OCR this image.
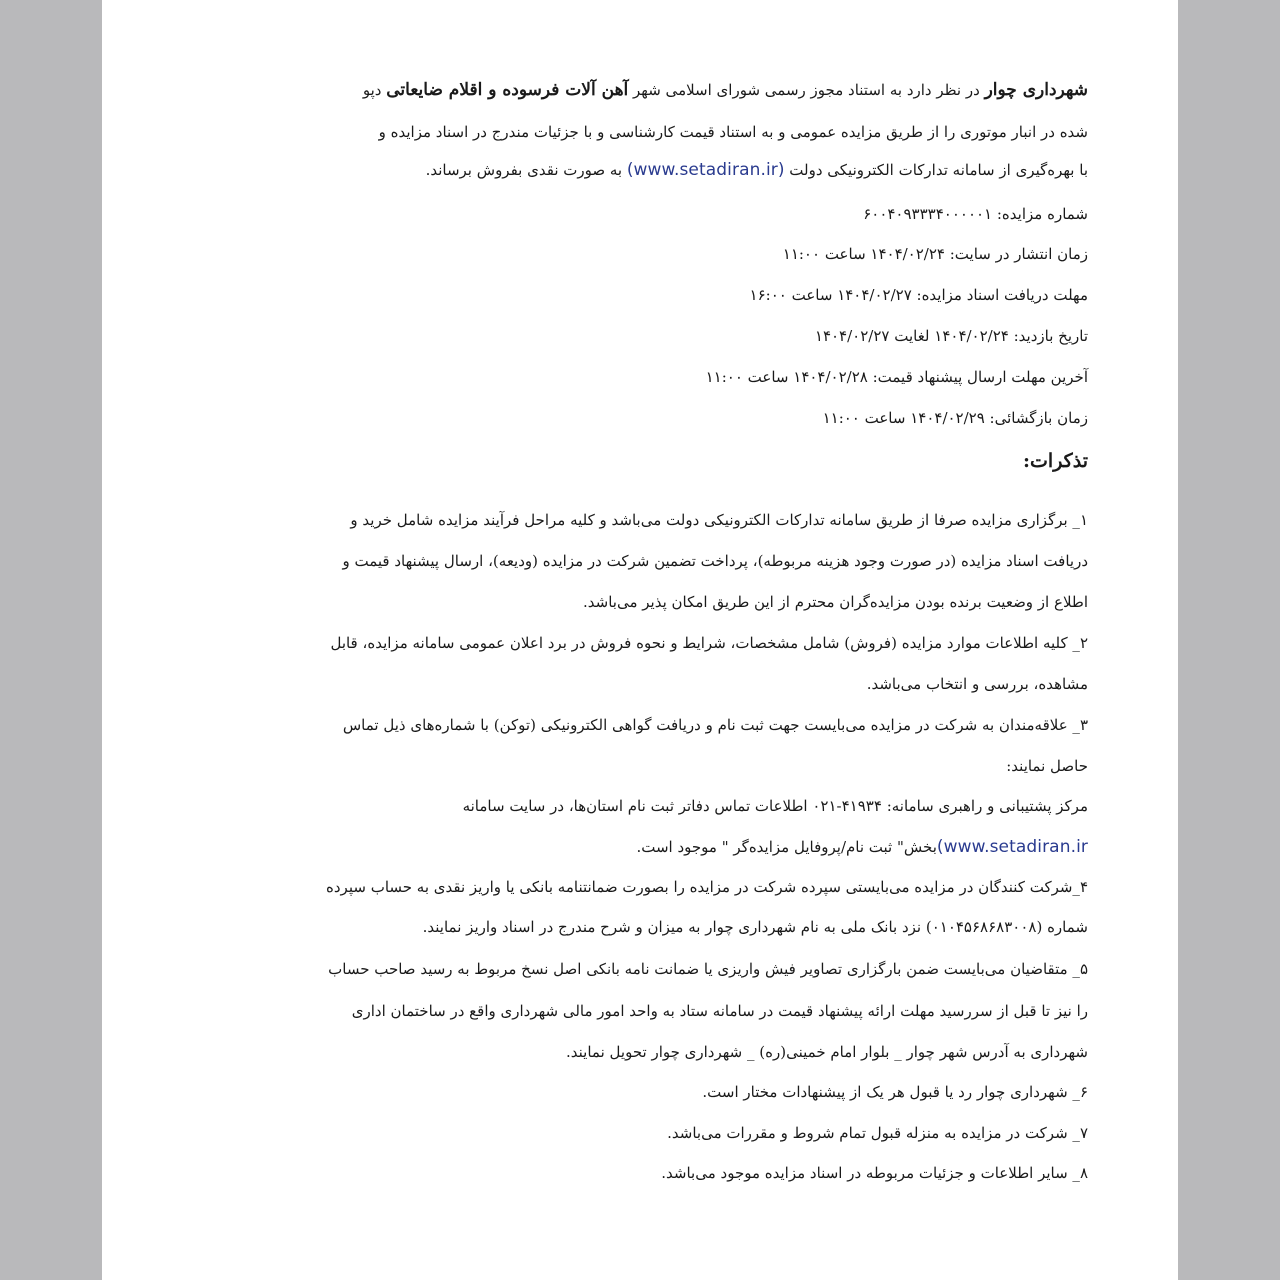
شهرداری چوار در نظر دارد به استناد مجوز رسمی شورای اسلامی شهر آهن آلات فرسوده و اقلام ضایعاتی دپو
شده در انبار موتوری را از طریق مزایده عمومی و به استناد قیمت کارشناسی و با جزئیات مندرج در اسناد مزایده و
با بهره‌گیری از سامانه تدارکات الکترونیکی دولت (www.setadiran.ir) به صورت نقدی بفروش برساند.
شماره مزایده: ۶۰۰۴۰۹۳۳۳۴۰۰۰۰۰۱
زمان انتشار در سایت: ۱۴۰۴/۰۲/۲۴ ساعت ۱۱:۰۰
مهلت دریافت اسناد مزایده: ۱۴۰۴/۰۲/۲۷ ساعت ۱۶:۰۰
تاریخ بازدید: ۱۴۰۴/۰۲/۲۴ لغایت ۱۴۰۴/۰۲/۲۷
آخرین مهلت ارسال پیشنهاد قیمت: ۱۴۰۴/۰۲/۲۸ ساعت ۱۱:۰۰
زمان بازگشائی: ۱۴۰۴/۰۲/۲۹ ساعت ۱۱:۰۰
تذکرات:
۱_ برگزاری مزایده صرفا از طریق سامانه تدارکات الکترونیکی دولت می‌باشد و کلیه مراحل فرآیند مزایده شامل خرید و
دریافت اسناد مزایده (در صورت وجود هزینه مربوطه)، پرداخت تضمین شرکت در مزایده (ودیعه)، ارسال پیشنهاد قیمت و
اطلاع از وضعیت برنده بودن مزایده‌گران محترم از این طریق امکان پذیر می‌باشد.
۲_ کلیه اطلاعات موارد مزایده (فروش) شامل مشخصات، شرایط و نحوه فروش در برد اعلان عمومی سامانه مزایده، قابل
مشاهده، بررسی و انتخاب می‌باشد.
۳_ علاقه‌مندان به شرکت در مزایده می‌بایست جهت ثبت نام و دریافت گواهی الکترونیکی (توکن) با شماره‌های ذیل تماس
حاصل نمایند:
مرکز پشتیبانی و راهبری سامانه: ۴۱۹۳۴-۰۲۱ اطلاعات تماس دفاتر ثبت نام استان‌ها، در سایت سامانه
(www.setadiran.irبخش" ثبت نام/پروفایل مزایده‌گر " موجود است.
۴_شرکت کنندگان در مزایده می‌بایستی سپرده شرکت در مزایده را بصورت ضمانتنامه بانکی یا واریز نقدی به حساب سپرده
شماره (۰۱۰۴۵۶۸۶۸۳۰۰۸) نزد بانک ملی به نام شهرداری چوار به میزان و شرح مندرج در اسناد واریز نمایند.
۵_ متقاضیان می‌بایست ضمن بارگزاری تصاویر فیش واریزی یا ضمانت نامه بانکی اصل نسخ مربوط به رسید صاحب حساب
را نیز تا قبل از سررسید مهلت ارائه پیشنهاد قیمت در سامانه ستاد به واحد امور مالی شهرداری واقع در ساختمان اداری
شهرداری به آدرس شهر چوار _ بلوار امام خمینی(ره) _ شهرداری چوار تحویل نمایند.
۶_ شهرداری چوار رد یا قبول هر یک از پیشنهادات مختار است.
۷_ شرکت در مزایده به منزله قبول تمام شروط و مقررات می‌باشد.
۸_ سایر اطلاعات و جزئیات مربوطه در اسناد مزایده موجود می‌باشد.
